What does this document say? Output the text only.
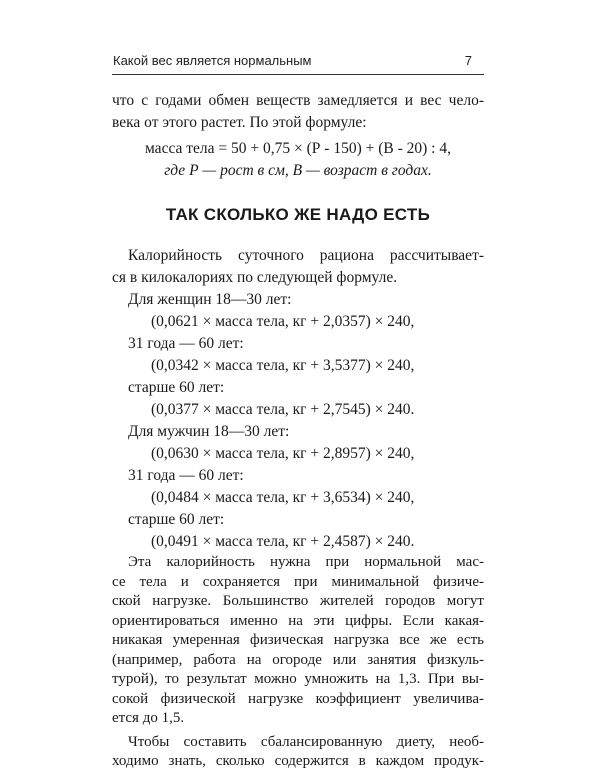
Какой вес является нормальным	7
что с годами обмен веществ замедляется и вес чело-
века от этого растет. По этой формуле:
масса тела = 50 + 0,75 × (Р - 150) + (В - 20) : 4,
где Р — рост в см, В — возраст в годах.
ТАК СКОЛЬКО ЖЕ НАДО ЕСТЬ
Калорийность суточного рациона рассчитывает-
ся в килокалориях по следующей формуле.
Для женщин 18—30 лет:
(0,0621 × масса тела, кг + 2,0357) × 240,
31 года — 60 лет:
(0,0342 × масса тела, кг + 3,5377) × 240,
старше 60 лет:
(0,0377 × масса тела, кг + 2,7545) × 240.
Для мужчин 18—30 лет:
(0,0630 × масса тела, кг + 2,8957) × 240,
31 года — 60 лет:
(0,0484 × масса тела, кг + 3,6534) × 240,
старше 60 лет:
(0,0491 × масса тела, кг + 2,4587) × 240.
Эта калорийность нужна при нормальной мас-
се тела и сохраняется при минимальной физиче-
ской нагрузке. Большинство жителей городов могут
ориентироваться именно на эти цифры. Если какая-
никакая умеренная физическая нагрузка все же есть
(например, работа на огороде или занятия физкуль-
турой), то результат можно умножить на 1,3. При вы-
сокой физической нагрузке коэффициент увеличива-
ется до 1,5.
Чтобы составить сбалансированную диету, необ-
ходимо знать, сколько содержится в каждом продук-
